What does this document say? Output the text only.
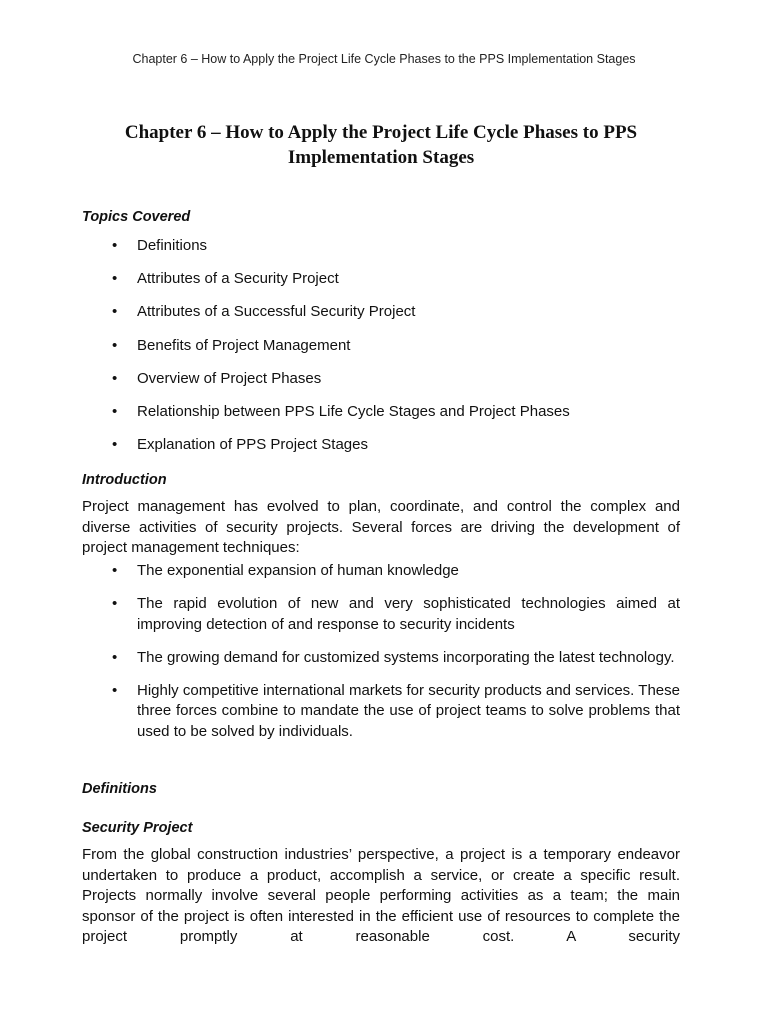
Chapter 6 – How to Apply the Project Life Cycle Phases to the PPS Implementation Stages
Chapter 6 – How to Apply the Project Life Cycle Phases to PPS
Implementation Stages
Topics Covered
• Definitions
• Attributes of a Security Project
• Attributes of a Successful Security Project
• Benefits of Project Management
• Overview of Project Phases
• Relationship between PPS Life Cycle Stages and Project Phases
• Explanation of PPS Project Stages
Introduction

Project management has evolved to plan, coordinate, and control the complex and diverse activities of security projects. Several forces are driving the development of project management techniques:

• The exponential expansion of human knowledge
• The rapid evolution of new and very sophisticated technologies aimed at improving detection of and response to security incidents
• The growing demand for customized systems incorporating the latest technology.
• Highly competitive international markets for security products and services. These three forces combine to mandate the use of project teams to solve problems that used to be solved by individuals.
Definitions
Security Project

From the global construction industries’ perspective, a project is a temporary endeavor undertaken to produce a product, accomplish a service, or create a specific result. Projects normally involve several people performing activities as a team; the main sponsor of the project is often interested in the efficient use of resources to complete the project promptly at reasonable cost. A security
